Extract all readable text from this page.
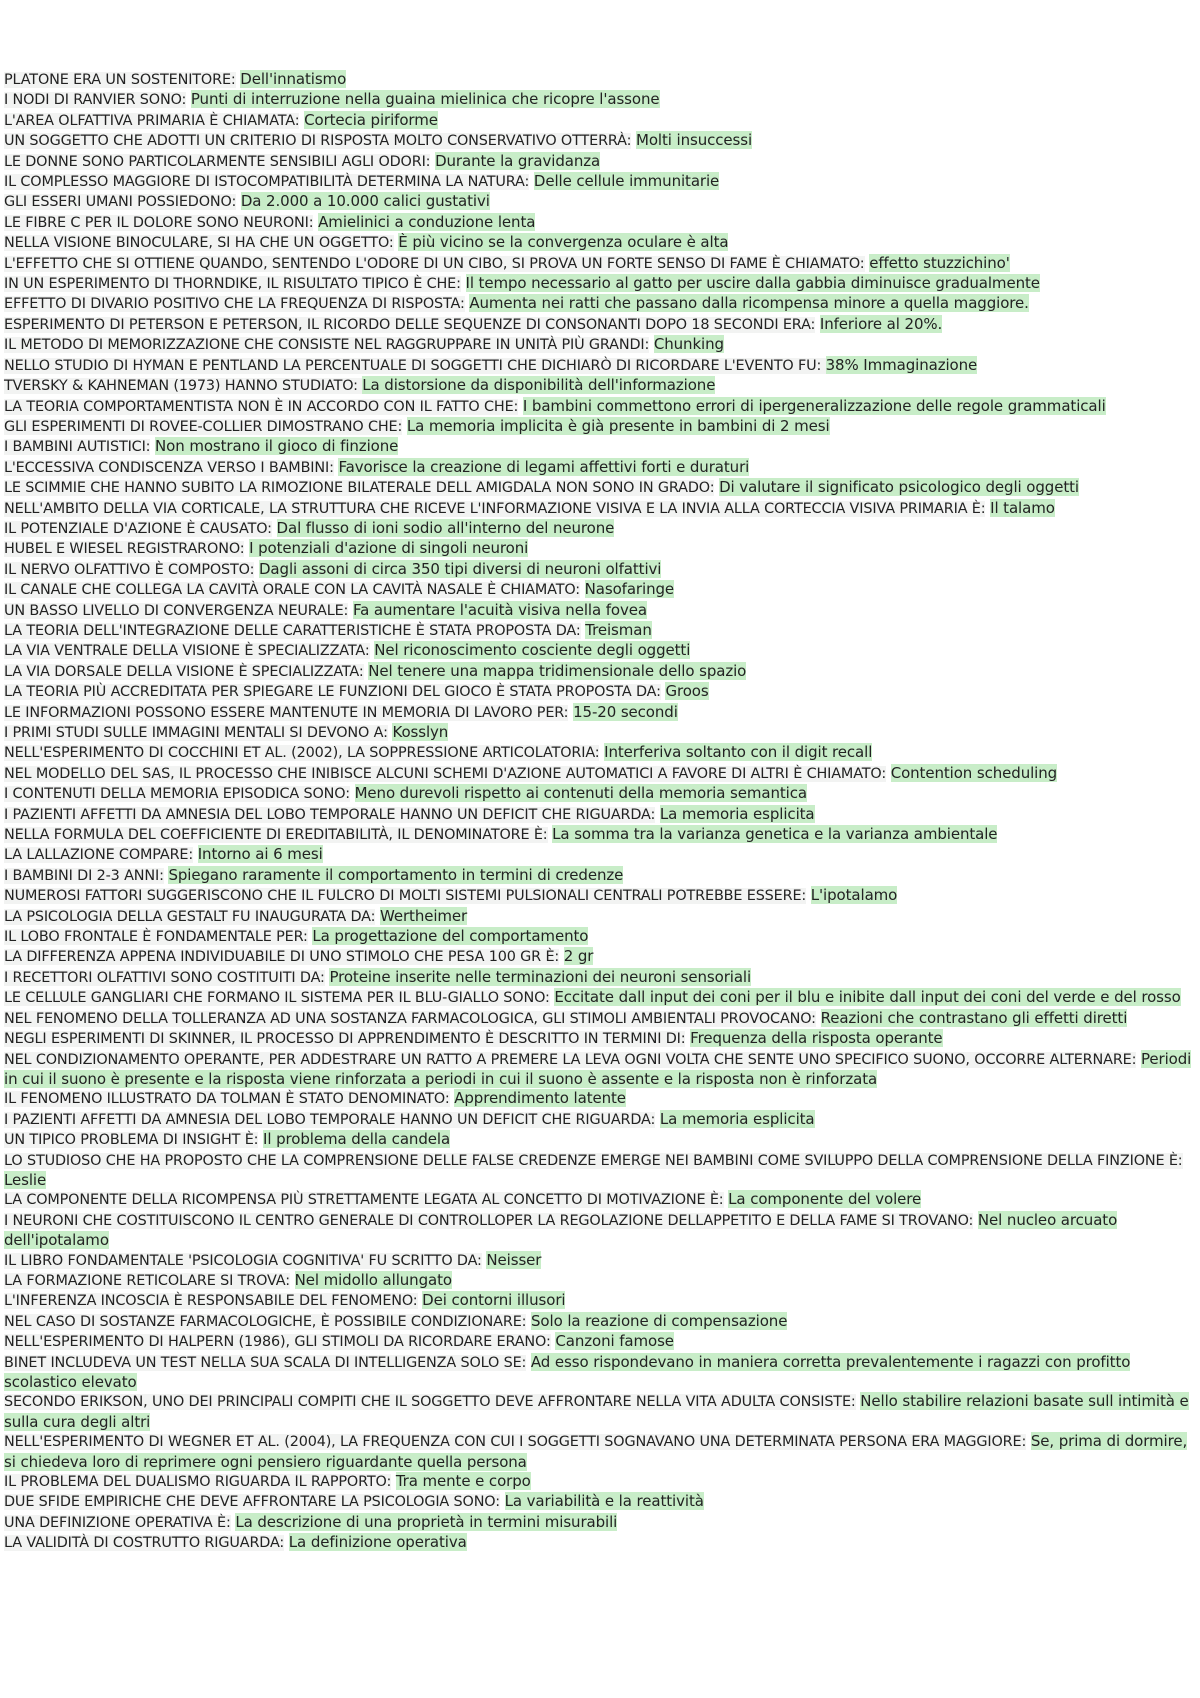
PLATONE ERA UN SOSTENITORE: Dell'innatismo
I NODI DI RANVIER SONO: Punti di interruzione nella guaina mielinica che ricopre l'assone
L'AREA OLFATTIVA PRIMARIA È CHIAMATA: Cortecia piriforme
UN SOGGETTO CHE ADOTTI UN CRITERIO DI RISPOSTA MOLTO CONSERVATIVO OTTERRÀ: Molti insuccessi
LE DONNE SONO PARTICOLARMENTE SENSIBILI AGLI ODORI: Durante la gravidanza
IL COMPLESSO MAGGIORE DI ISTOCOMPATIBILITÀ DETERMINA LA NATURA: Delle cellule immunitarie
GLI ESSERI UMANI POSSIEDONO: Da 2.000 a 10.000 calici gustativi
LE FIBRE C PER IL DOLORE SONO NEURONI: Amielinici a conduzione lenta
NELLA VISIONE BINOCULARE, SI HA CHE UN OGGETTO: È più vicino se la convergenza oculare è alta
L'EFFETTO CHE SI OTTIENE QUANDO, SENTENDO L'ODORE DI UN CIBO, SI PROVA UN FORTE SENSO DI FAME È CHIAMATO: effetto stuzzichino'
IN UN ESPERIMENTO DI THORNDIKE, IL RISULTATO TIPICO È CHE: Il tempo necessario al gatto per uscire dalla gabbia diminuisce gradualmente
EFFETTO DI DIVARIO POSITIVO CHE LA FREQUENZA DI RISPOSTA: Aumenta nei ratti che passano dalla ricompensa minore a quella maggiore.
ESPERIMENTO DI PETERSON E PETERSON, IL RICORDO DELLE SEQUENZE DI CONSONANTI DOPO 18 SECONDI ERA: Inferiore al 20%.
IL METODO DI MEMORIZZAZIONE CHE CONSISTE NEL RAGGRUPPARE IN UNITÀ PIÙ GRANDI: Chunking
NELLO STUDIO DI HYMAN E PENTLAND LA PERCENTUALE DI SOGGETTI CHE DICHIARÒ DI RICORDARE L'EVENTO FU: 38% Immaginazione
TVERSKY & KAHNEMAN (1973) HANNO STUDIATO: La distorsione da disponibilità dell'informazione
LA TEORIA COMPORTAMENTISTA NON È IN ACCORDO CON IL FATTO CHE: I bambini commettono errori di ipergeneralizzazione delle regole grammaticali
GLI ESPERIMENTI DI ROVEE-COLLIER DIMOSTRANO CHE: La memoria implicita è già presente in bambini di 2 mesi
I BAMBINI AUTISTICI: Non mostrano il gioco di finzione
L'ECCESSIVA CONDISCENZA VERSO I BAMBINI: Favorisce la creazione di legami affettivi forti e duraturi
LE SCIMMIE CHE HANNO SUBITO LA RIMOZIONE BILATERALE DELL AMIGDALA NON SONO IN GRADO: Di valutare il significato psicologico degli oggetti
NELL'AMBITO DELLA VIA CORTICALE, LA STRUTTURA CHE RICEVE L'INFORMAZIONE VISIVA E LA INVIA ALLA CORTECCIA VISIVA PRIMARIA È: Il talamo
IL POTENZIALE D'AZIONE È CAUSATO: Dal flusso di ioni sodio all'interno del neurone
HUBEL E WIESEL REGISTRARONO: I potenziali d'azione di singoli neuroni
IL NERVO OLFATTIVO È COMPOSTO: Dagli assoni di circa 350 tipi diversi di neuroni olfattivi
IL CANALE CHE COLLEGA LA CAVITÀ ORALE CON LA CAVITÀ NASALE È CHIAMATO: Nasofaringe
UN BASSO LIVELLO DI CONVERGENZA NEURALE: Fa aumentare l'acuità visiva nella fovea
LA TEORIA DELL'INTEGRAZIONE DELLE CARATTERISTICHE È STATA PROPOSTA DA: Treisman
LA VIA VENTRALE DELLA VISIONE È SPECIALIZZATA: Nel riconoscimento cosciente degli oggetti
LA VIA DORSALE DELLA VISIONE È SPECIALIZZATA: Nel tenere una mappa tridimensionale dello spazio
LA TEORIA PIÙ ACCREDITATA PER SPIEGARE LE FUNZIONI DEL GIOCO È STATA PROPOSTA DA: Groos
LE INFORMAZIONI POSSONO ESSERE MANTENUTE IN MEMORIA DI LAVORO PER: 15-20 secondi
I PRIMI STUDI SULLE IMMAGINI MENTALI SI DEVONO A: Kosslyn
NELL'ESPERIMENTO DI COCCHINI ET AL. (2002), LA SOPPRESSIONE ARTICOLATORIA: Interferiva soltanto con il digit recall
NEL MODELLO DEL SAS, IL PROCESSO CHE INIBISCE ALCUNI SCHEMI D'AZIONE AUTOMATICI A FAVORE DI ALTRI È CHIAMATO: Contention scheduling
I CONTENUTI DELLA MEMORIA EPISODICA SONO: Meno durevoli rispetto ai contenuti della memoria semantica
I PAZIENTI AFFETTI DA AMNESIA DEL LOBO TEMPORALE HANNO UN DEFICIT CHE RIGUARDA: La memoria esplicita
NELLA FORMULA DEL COEFFICIENTE DI EREDITABILITÀ, IL DENOMINATORE È: La somma tra la varianza genetica e la varianza ambientale
LA LALLAZIONE COMPARE: Intorno ai 6 mesi
I BAMBINI DI 2-3 ANNI: Spiegano raramente il comportamento in termini di credenze
NUMEROSI FATTORI SUGGERISCONO CHE IL FULCRO DI MOLTI SISTEMI PULSIONALI CENTRALI POTREBBE ESSERE: L'ipotalamo
LA PSICOLOGIA DELLA GESTALT FU INAUGURATA DA: Wertheimer
IL LOBO FRONTALE È FONDAMENTALE PER: La progettazione del comportamento
LA DIFFERENZA APPENA INDIVIDUABILE DI UNO STIMOLO CHE PESA 100 GR È: 2 gr
I RECETTORI OLFATTIVI SONO COSTITUITI DA: Proteine inserite nelle terminazioni dei neuroni sensoriali
LE CELLULE GANGLIARI CHE FORMANO IL SISTEMA PER IL BLU-GIALLO SONO: Eccitate dall input dei coni per il blu e inibite dall input dei coni del verde e del rosso
NEL FENOMENO DELLA TOLLERANZA AD UNA SOSTANZA FARMACOLOGICA, GLI STIMOLI AMBIENTALI PROVOCANO: Reazioni che contrastano gli effetti diretti
NEGLI ESPERIMENTI DI SKINNER, IL PROCESSO DI APPRENDIMENTO È DESCRITTO IN TERMINI DI: Frequenza della risposta operante
NEL CONDIZIONAMENTO OPERANTE, PER ADDESTRARE UN RATTO A PREMERE LA LEVA OGNI VOLTA CHE SENTE UNO SPECIFICO SUONO, OCCORRE ALTERNARE: Periodi in cui il suono è presente e la risposta viene rinforzata a periodi in cui il suono è assente e la risposta non è rinforzata
IL FENOMENO ILLUSTRATO DA TOLMAN È STATO DENOMINATO: Apprendimento latente
I PAZIENTI AFFETTI DA AMNESIA DEL LOBO TEMPORALE HANNO UN DEFICIT CHE RIGUARDA: La memoria esplicita
UN TIPICO PROBLEMA DI INSIGHT È: Il problema della candela
LO STUDIOSO CHE HA PROPOSTO CHE LA COMPRENSIONE DELLE FALSE CREDENZE EMERGE NEI BAMBINI COME SVILUPPO DELLA COMPRENSIONE DELLA FINZIONE È: Leslie
LA COMPONENTE DELLA RICOMPENSA PIÙ STRETTAMENTE LEGATA AL CONCETTO DI MOTIVAZIONE È: La componente del volere
I NEURONI CHE COSTITUISCONO IL CENTRO GENERALE DI CONTROLLOPER LA REGOLAZIONE DELLAPPETITO E DELLA FAME SI TROVANO: Nel nucleo arcuato dell'ipotalamo
IL LIBRO FONDAMENTALE 'PSICOLOGIA COGNITIVA' FU SCRITTO DA: Neisser
LA FORMAZIONE RETICOLARE SI TROVA: Nel midollo allungato
L'INFERENZA INCOSCIA È RESPONSABILE DEL FENOMENO: Dei contorni illusori
NEL CASO DI SOSTANZE FARMACOLOGICHE, È POSSIBILE CONDIZIONARE: Solo la reazione di compensazione
NELL'ESPERIMENTO DI HALPERN (1986), GLI STIMOLI DA RICORDARE ERANO: Canzoni famose
BINET INCLUDEVA UN TEST NELLA SUA SCALA DI INTELLIGENZA SOLO SE: Ad esso rispondevano in maniera corretta prevalentemente i ragazzi con profitto scolastico elevato
SECONDO ERIKSON, UNO DEI PRINCIPALI COMPITI CHE IL SOGGETTO DEVE AFFRONTARE NELLA VITA ADULTA CONSISTE: Nello stabilire relazioni basate sull intimità e sulla cura degli altri
NELL'ESPERIMENTO DI WEGNER ET AL. (2004), LA FREQUENZA CON CUI I SOGGETTI SOGNAVANO UNA DETERMINATA PERSONA ERA MAGGIORE: Se, prima di dormire, si chiedeva loro di reprimere ogni pensiero riguardante quella persona
IL PROBLEMA DEL DUALISMO RIGUARDA IL RAPPORTO: Tra mente e corpo
DUE SFIDE EMPIRICHE CHE DEVE AFFRONTARE LA PSICOLOGIA SONO: La variabilità e la reattività
UNA DEFINIZIONE OPERATIVA È: La descrizione di una proprietà in termini misurabili
LA VALIDITÀ DI COSTRUTTO RIGUARDA: La definizione operativa
